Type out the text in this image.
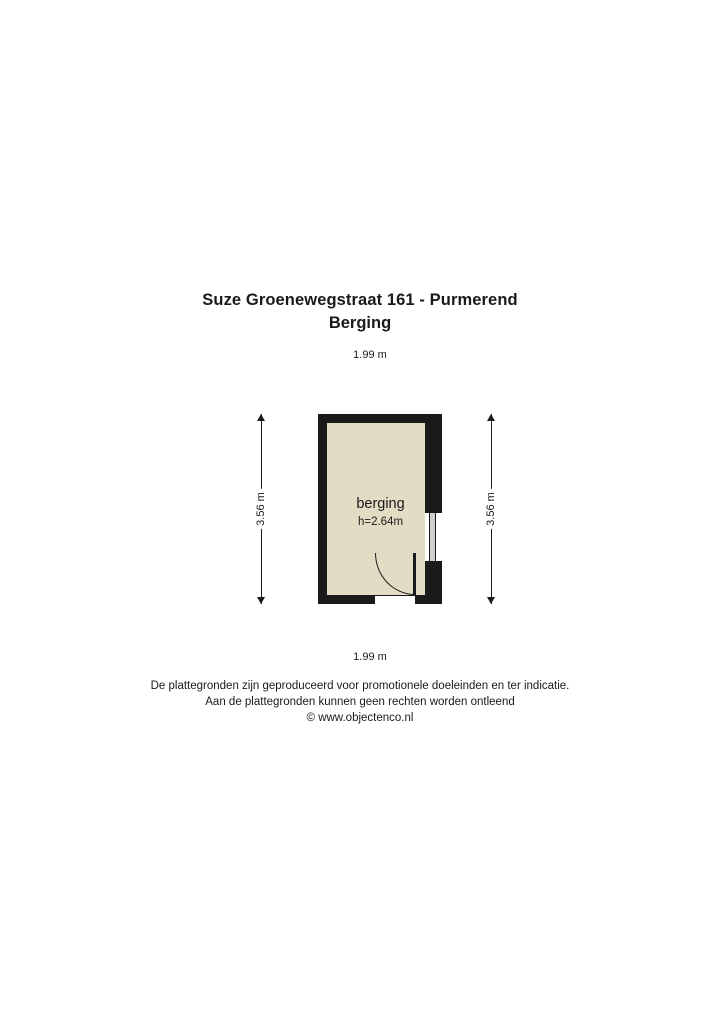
Suze Groenewegstraat 161 - Purmerend
Berging
1.99 m
3.56 m	3.56 m
berging
h=2.64m
1.99 m
De plattegronden zijn geproduceerd voor promotionele doeleinden en ter indicatie.
Aan de plattegronden kunnen geen rechten worden ontleend
© www.objectenco.nl
